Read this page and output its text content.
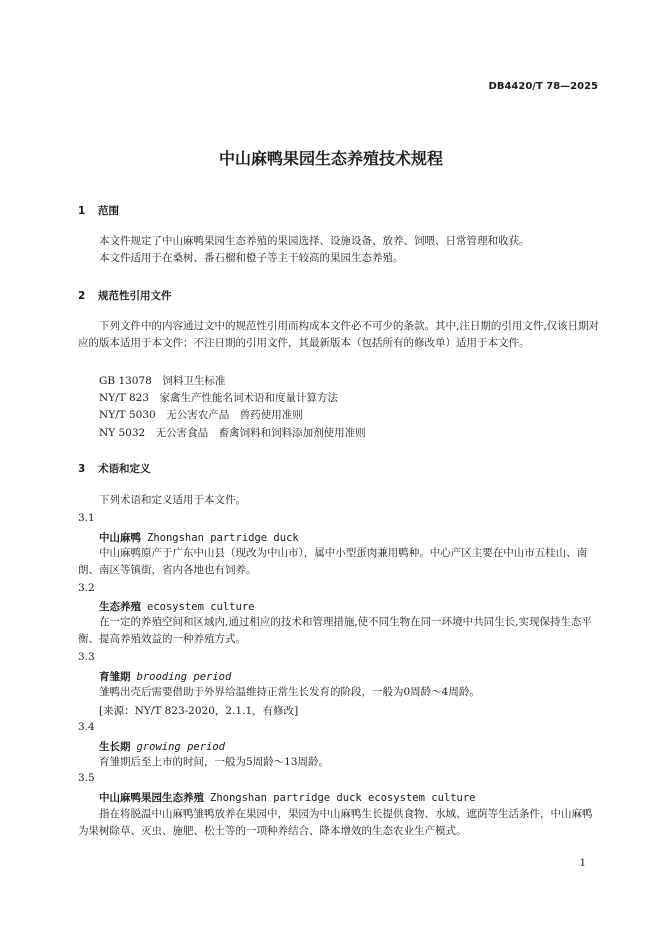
DB4420/T 78—2025
中山麻鸭果园生态养殖技术规程
1 范围
本文件规定了中山麻鸭果园生态养殖的果园选择、设施设备、放养、饲喂、日常管理和收获。
本文件适用于在桑树、番石榴和橙子等主干较高的果园生态养殖。
2 规范性引用文件
下列文件中的内容通过文中的规范性引用而构成本文件必不可少的条款。其中,注日期的引用文件,仅该日期对应的版本适用于本文件；不注日期的引用文件，其最新版本（包括所有的修改单）适用于本文件。
GB 13078　 饲料卫生标准
NY/T 823　 家禽生产性能名词术语和度量计算方法
NY/T 5030　 无公害农产品　兽药使用准则
NY 5032　 无公害食品　畜禽饲料和饲料添加剂使用准则
3 术语和定义
下列术语和定义适用于本文件。
3.1
中山麻鸭 Zhongshan partridge duck
中山麻鸭原产于广东中山县（现改为中山市），属中小型蛋肉兼用鸭种。中心产区主要在中山市五桂山、南朗、南区等镇街，省内各地也有饲养。
3.2
生态养殖 ecosystem culture
在一定的养殖空间和区域内,通过相应的技术和管理措施,使不同生物在同一环境中共同生长,实现保持生态平衡、提高养殖效益的一种养殖方式。
3.3
育雏期 brooding period
雏鸭出壳后需要借助于外界给温维持正常生长发育的阶段，一般为0周龄～4周龄。
[来源：NY/T 823-2020，2.1.1，有修改]
3.4
生长期 growing period
育雏期后至上市的时间，一般为5周龄～13周龄。
3.5
中山麻鸭果园生态养殖 Zhongshan partridge duck ecosystem culture
指在将脱温中山麻鸭雏鸭放养在果园中，果园为中山麻鸭生长提供食物、水域、遮荫等生活条件，中山麻鸭为果树除草、灭虫、施肥、松土等的一项种养结合、降本增效的生态农业生产模式。
1
